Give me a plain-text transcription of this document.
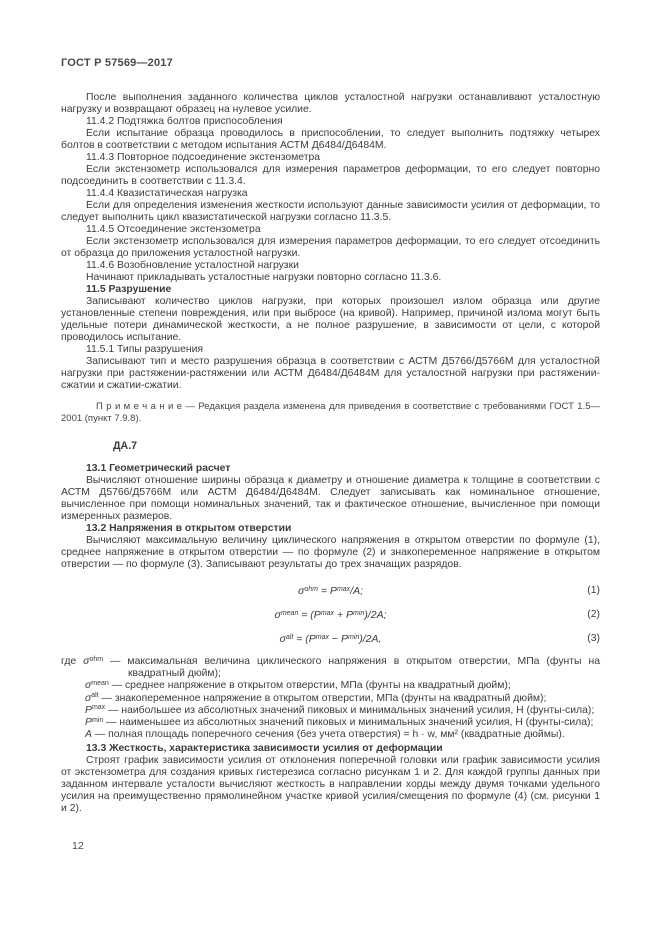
ГОСТ Р 57569—2017

После выполнения заданного количества циклов усталостной нагрузки останавливают усталостную нагрузку и возвращают образец на нулевое усилие.

11.4.2 Подтяжка болтов приспособления

Если испытание образца проводилось в приспособлении, то следует выполнить подтяжку четырех болтов в соответствии с методом испытания АСТМ Д6484/Д6484М.

11.4.3 Повторное подсоединение экстензометра

Если экстензометр использовался для измерения параметров деформации, то его следует повторно подсоединить в соответствии с 11.3.4.

11.4.4 Квазистатическая нагрузка

Если для определения изменения жесткости используют данные зависимости усилия от деформации, то следует выполнить цикл квазистатической нагрузки согласно 11.3.5.

11.4.5 Отсоединение экстензометра

Если экстензометр использовался для измерения параметров деформации, то его следует отсоединить от образца до приложения усталостной нагрузки.

11.4.6 Возобновление усталостной нагрузки

Начинают прикладывать усталостные нагрузки повторно согласно 11.3.6.

11.5 Разрушение

Записывают количество циклов нагрузки, при которых произошел излом образца или другие установленные степени повреждения, или при выбросе (на кривой). Например, причиной излома могут быть удельные потери динамической жесткости, а не полное разрушение, в зависимости от цели, с которой проводилось испытание.

11.5.1 Типы разрушения

Записывают тип и место разрушения образца в соответствии с АСТМ Д5766/Д5766М для усталостной нагрузки при растяжении-растяжении или АСТМ Д6484/Д6484М для усталостной нагрузки при растяжении-сжатии и сжатии-сжатии.

П р и м е ч а н и е — Редакция раздела изменена для приведения в соответствие с требованиями ГОСТ 1.5—2001 (пункт 7.9.8).
ДА.7

13.1 Геометрический расчет

Вычисляют отношение ширины образца к диаметру и отношение диаметра к толщине в соответствии с АСТМ Д5766/Д5766М или АСТМ Д6484/Д6484М. Следует записывать как номинальное отношение, вычисленное при помощи номинальных значений, так и фактическое отношение, вычисленное при помощи измеренных размеров.

13.2 Напряжения в открытом отверстии

Вычисляют максимальную величину циклического напряжения в открытом отверстии по формуле (1), среднее напряжение в открытом отверстии — по формуле (2) и знакопеременное напряжение в открытом отверстии — по формуле (3). Записывают результаты до трех значащих разрядов.

$\sigma^{ohm} = P^{max}/A$;	(1)
$\sigma^{mean} = (P^{max} + P^{min})/2A$;	(2)
$\sigma^{alt} = (P^{max} - P^{min})/2A$,	(3)
где $\sigma^{ohm}$ — максимальная величина циклического напряжения в открытом отверстии, МПа (фунты на квадратный дюйм);
$\sigma^{mean}$ — среднее напряжение в открытом отверстии, МПа (фунты на квадратный дюйм);
$\sigma^{alt}$ — знакопеременное напряжение в открытом отверстии, МПа (фунты на квадратный дюйм);
$P^{max}$ — наибольшее из абсолютных значений пиковых и минимальных значений усилия, Н (фунты-сила);
$P^{min}$ — наименьшее из абсолютных значений пиковых и минимальных значений усилия, Н (фунты-сила);
A — полная площадь поперечного сечения (без учета отверстия) = h · w, мм² (квадратные дюймы).

13.3 Жесткость, характеристика зависимости усилия от деформации

Строят график зависимости усилия от отклонения поперечной головки или график зависимости усилия от экстензометра для создания кривых гистерезиса согласно рисункам 1 и 2. Для каждой группы данных при заданном интервале усталости вычисляют жесткость в направлении хорды между двумя точками удельного усилия на преимущественно прямолинейном участке кривой усилия/смещения по формуле (4) (см. рисунки 1 и 2).

12
